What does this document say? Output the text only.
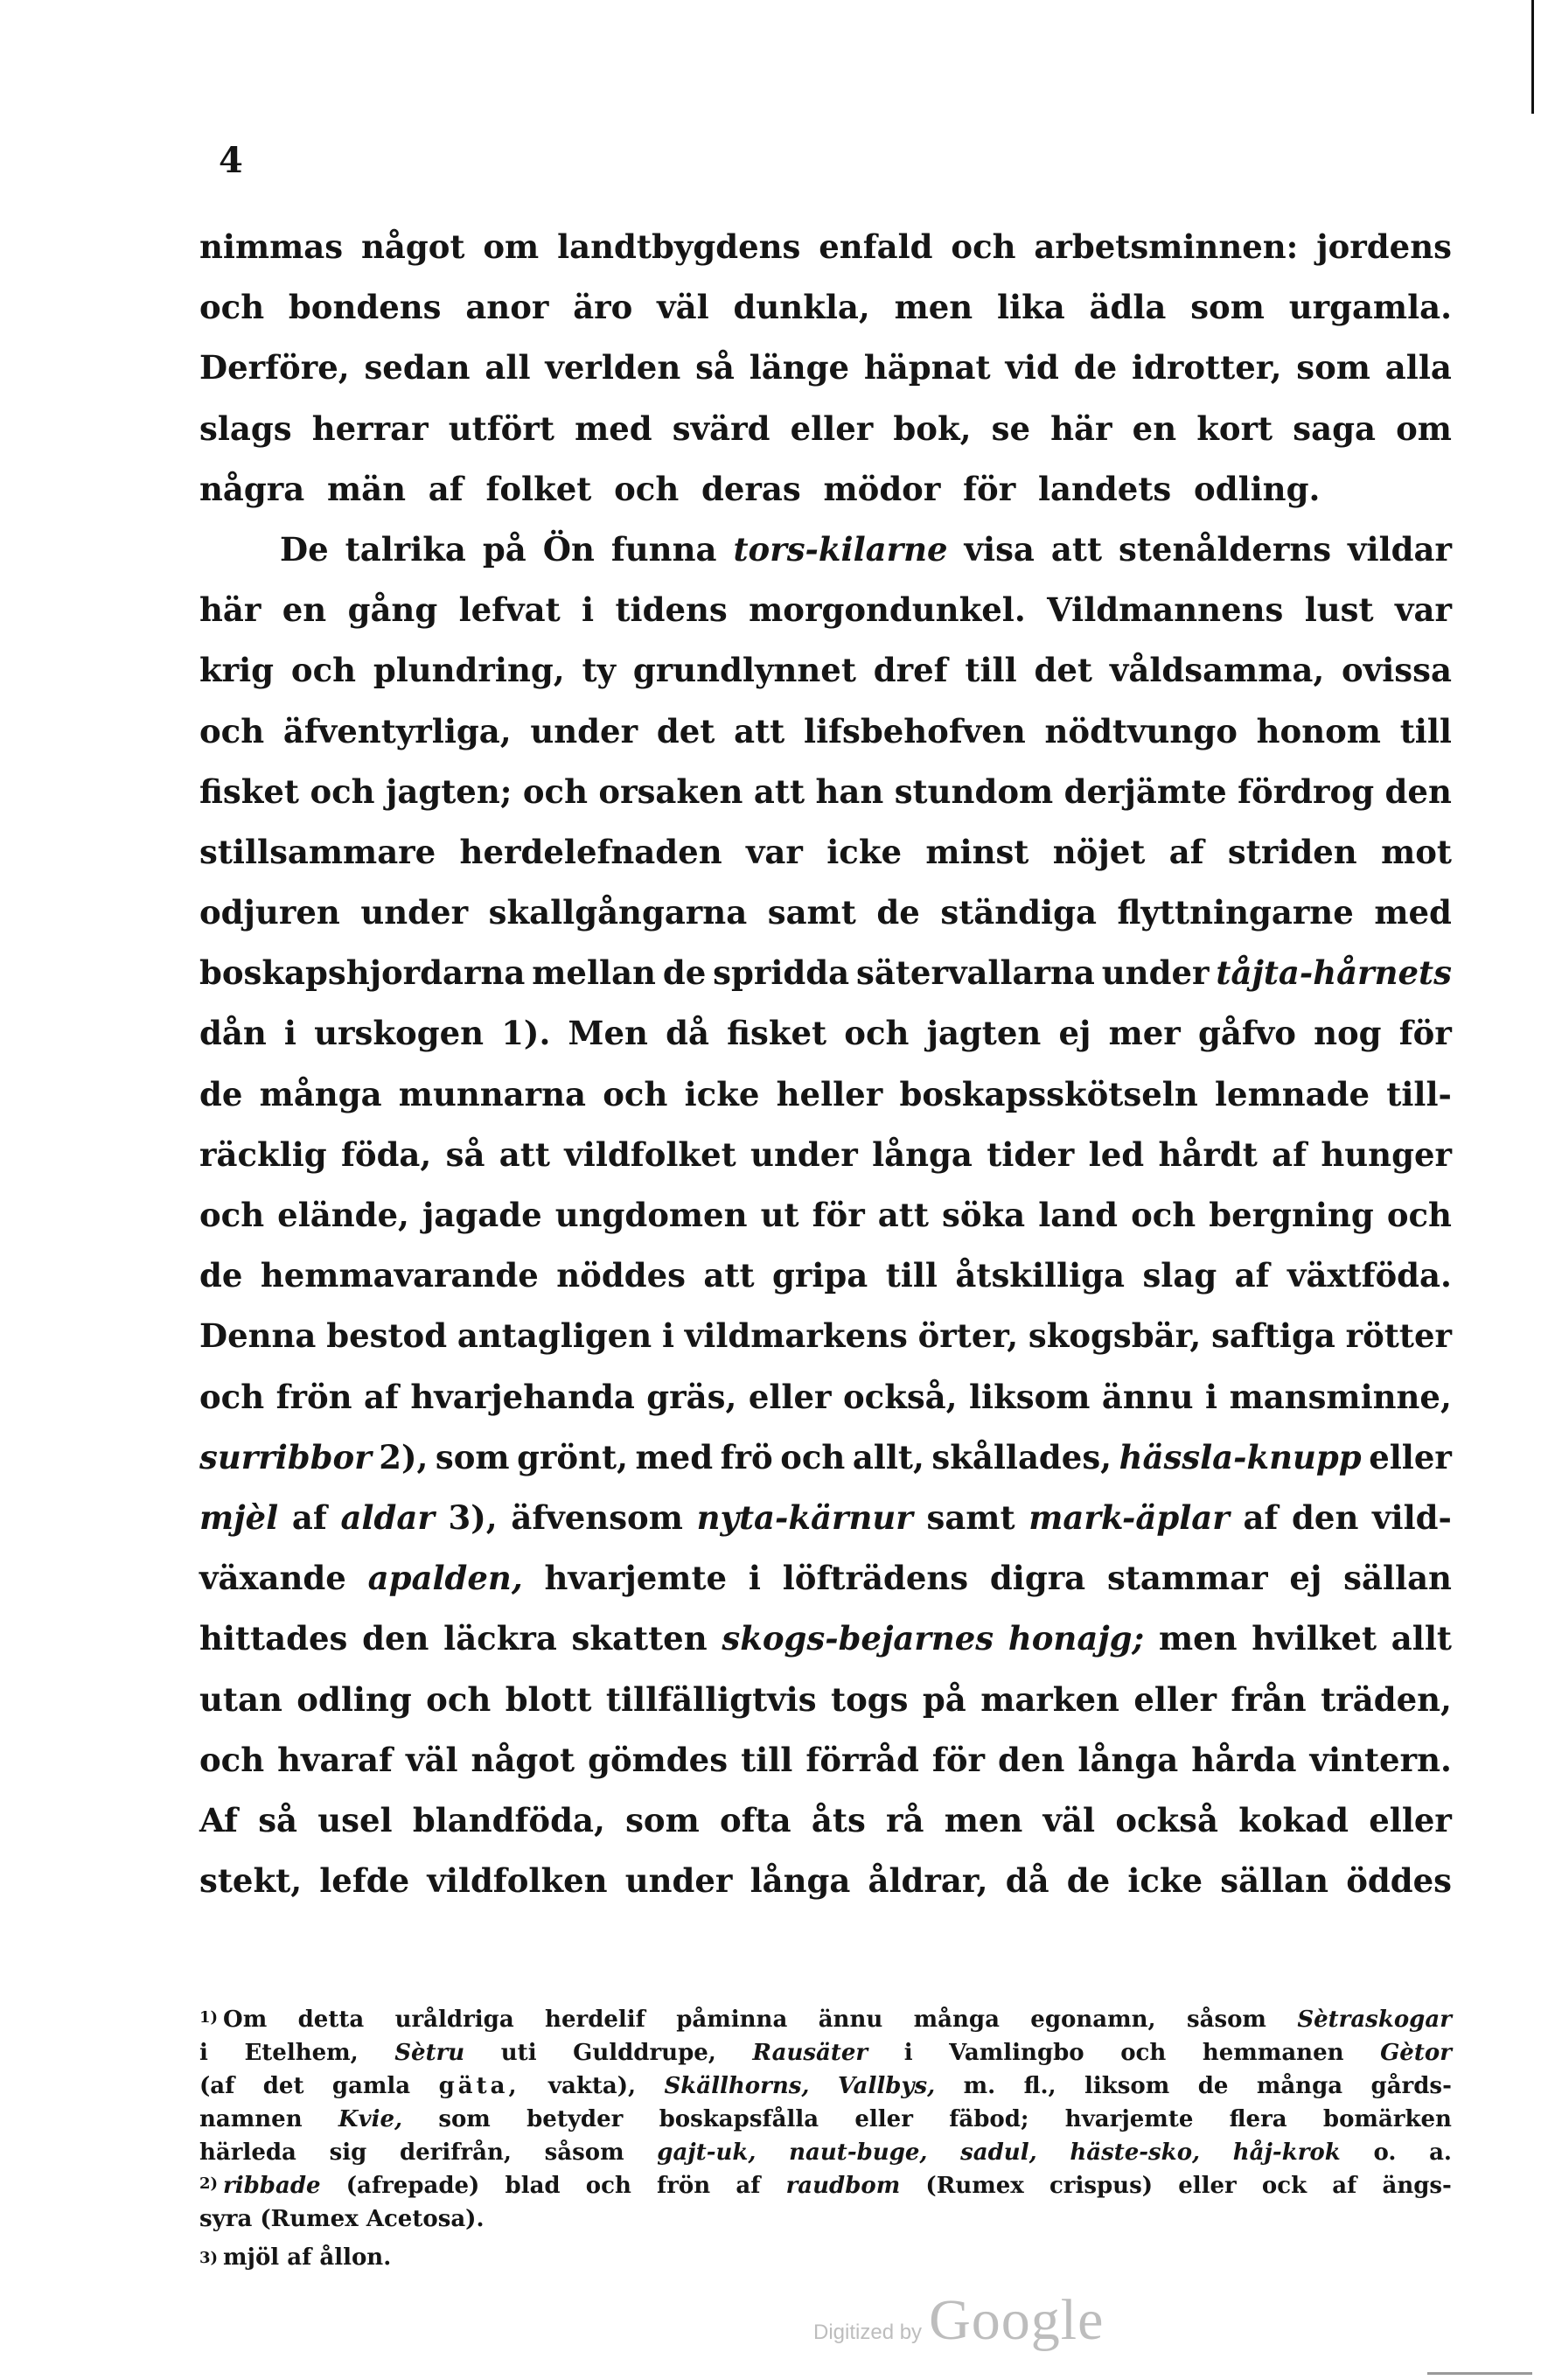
4
nimmas något om landtbygdens enfald och arbetsminnen: jordens
och bondens anor äro väl dunkla, men lika ädla som urgamla.
Derföre, sedan all verlden så länge häpnat vid de idrotter, som alla
slags herrar utfört med svärd eller bok, se här en kort saga om
några
män
af
folket
och
deras
mödor
för
landets
odling.
De talrika på Ön funna tors-kilarne visa att stenålderns vildar
här en gång lefvat i tidens morgondunkel. Vildmannens lust var
krig och plundring, ty grundlynnet dref till det våldsamma, ovissa
och äfventyrliga, under det att lifsbehofven nödtvungo honom till
fisket och jagten; och orsaken att han stundom derjämte fördrog den
stillsammare herdelefnaden var icke minst nöjet af striden mot
odjuren under skallgångarna samt de ständiga flyttningarne med
boskapshjordarna mellan de spridda sätervallarna under tåjta-hårnets
dån i urskogen 1). Men då fisket och jagten ej mer gåfvo nog för
de många munnarna och icke heller boskapsskötseln lemnade till-
räcklig föda, så att vildfolket under långa tider led hårdt af hunger
och elände, jagade ungdomen ut för att söka land och bergning och
de hemmavarande nöddes att gripa till åtskilliga slag af växtföda.
Denna bestod antagligen i vildmarkens örter, skogsbär, saftiga rötter
och frön af hvarjehanda gräs, eller också, liksom ännu i mansminne,
surribbor 2), som grönt, med frö och allt, skållades, hässla-knupp eller
mjèl af aldar 3), äfvensom nyta-kärnur samt mark-äplar af den vild-
växande apalden, hvarjemte i löfträdens digra stammar ej sällan
hittades den läckra skatten skogs-bejarnes honajg; men hvilket allt
utan odling och blott tillfälligtvis togs på marken eller från träden,
och hvaraf väl något gömdes till förråd för den långa hårda vintern.
Af så usel blandföda, som ofta åts rå men väl också kokad eller
stekt, lefde vildfolken under långa åldrar, då de icke sällan öddes
$^{1)}$ Om detta uråldriga herdelif påminna ännu många egonamn, såsom Sètraskogar
i Etelhem, Sètru uti Gulddrupe, Rausäter i Vamlingbo och hemmanen Gètor
(af det gamla gäta, vakta), Skällhorns, Vallbys, m. fl., liksom de många gårds-
namnen Kvie, som betyder boskapsfålla eller fäbod; hvarjemte flera bomärken
härleda sig derifrån, såsom gajt-uk, naut-buge, sadul, häste-sko, håj-krok o. a.
$^{2)}$ ribbade (afrepade) blad och frön af raudbom (Rumex crispus) eller ock af ängs-
syra
(Rumex
Acetosa).
3) mjöl
af
ållon.
Digitized by Google
